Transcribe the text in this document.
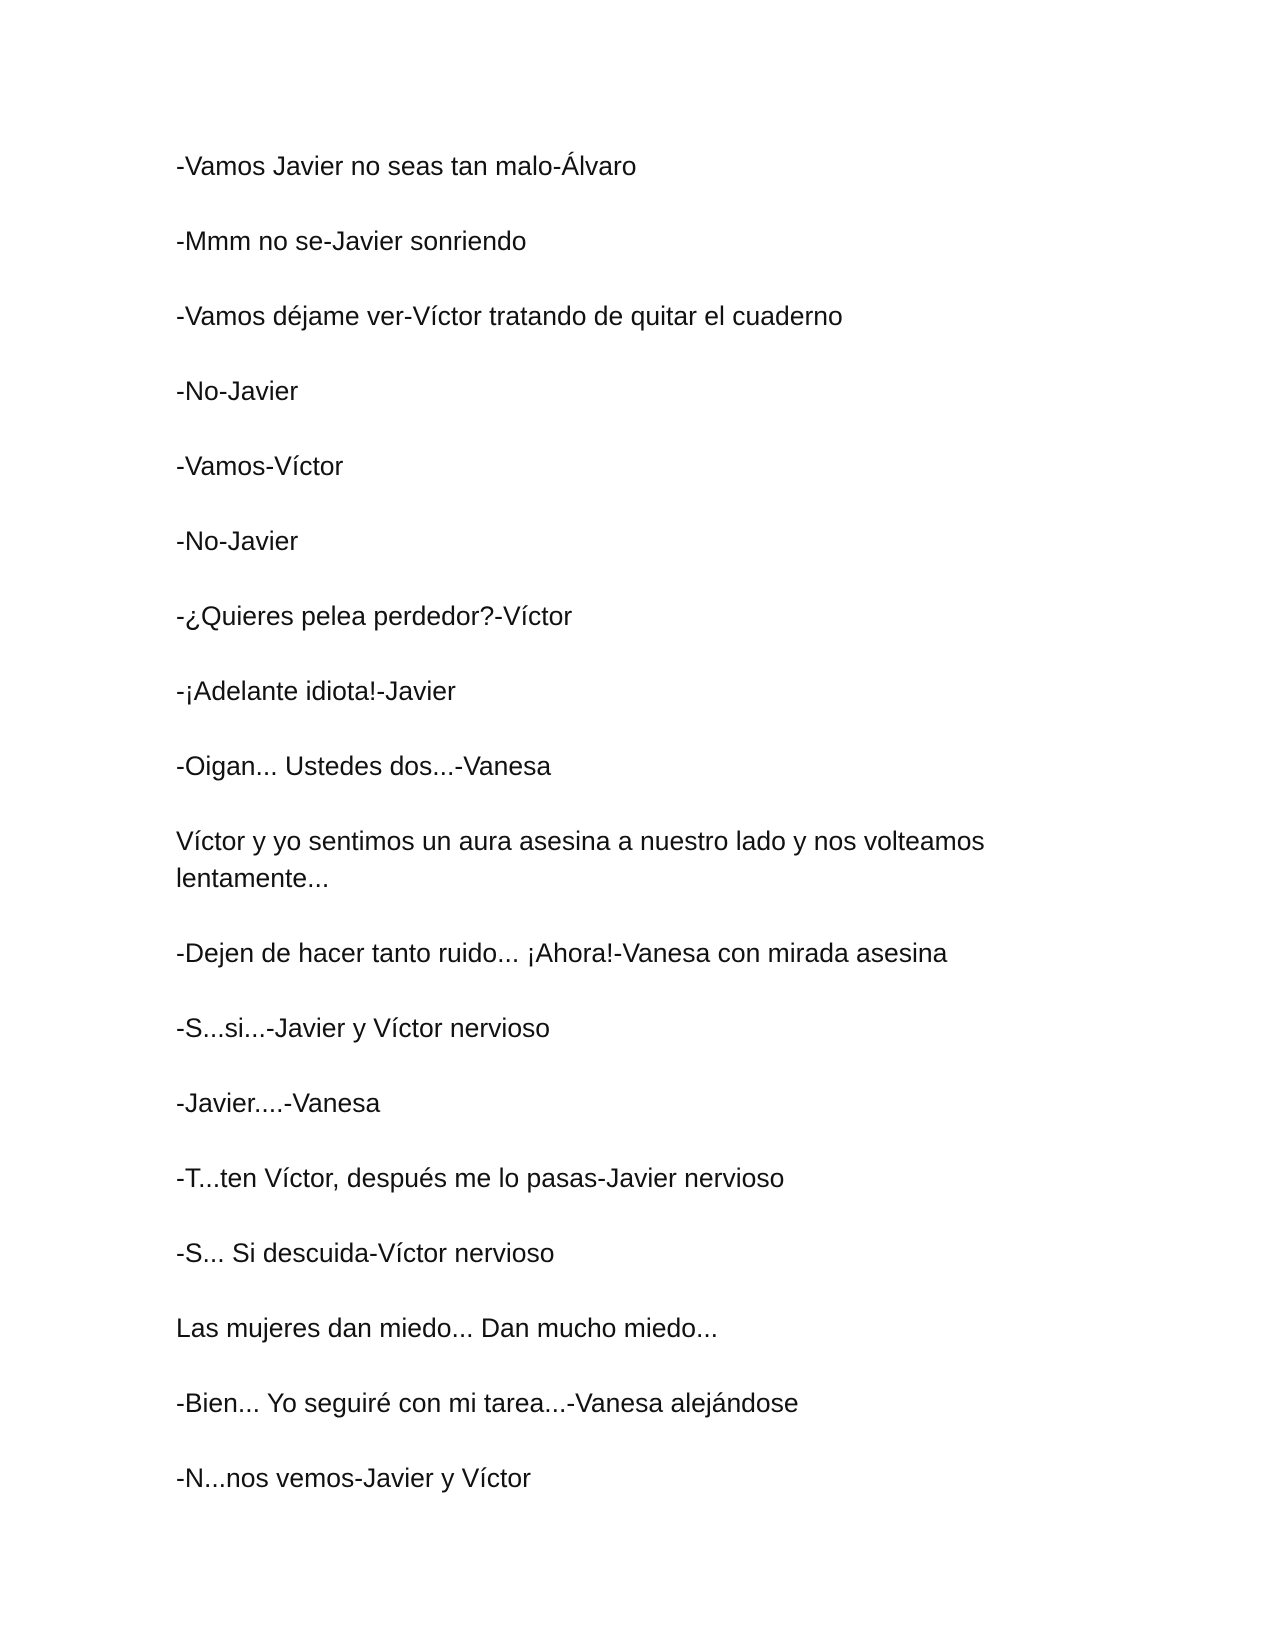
-Vamos Javier no seas tan malo-Álvaro

-Mmm no se-Javier sonriendo

-Vamos déjame ver-Víctor tratando de quitar el cuaderno

-No-Javier

-Vamos-Víctor

-No-Javier

-¿Quieres pelea perdedor?-Víctor

-¡Adelante idiota!-Javier

-Oigan... Ustedes dos...-Vanesa

Víctor y yo sentimos un aura asesina a nuestro lado y nos volteamos lentamente...

-Dejen de hacer tanto ruido... ¡Ahora!-Vanesa con mirada asesina

-S...si...-Javier y Víctor nervioso

-Javier....-Vanesa

-T...ten Víctor, después me lo pasas-Javier nervioso

-S... Si descuida-Víctor nervioso

Las mujeres dan miedo... Dan mucho miedo...

-Bien... Yo seguiré con mi tarea...-Vanesa alejándose

-N...nos vemos-Javier y Víctor
